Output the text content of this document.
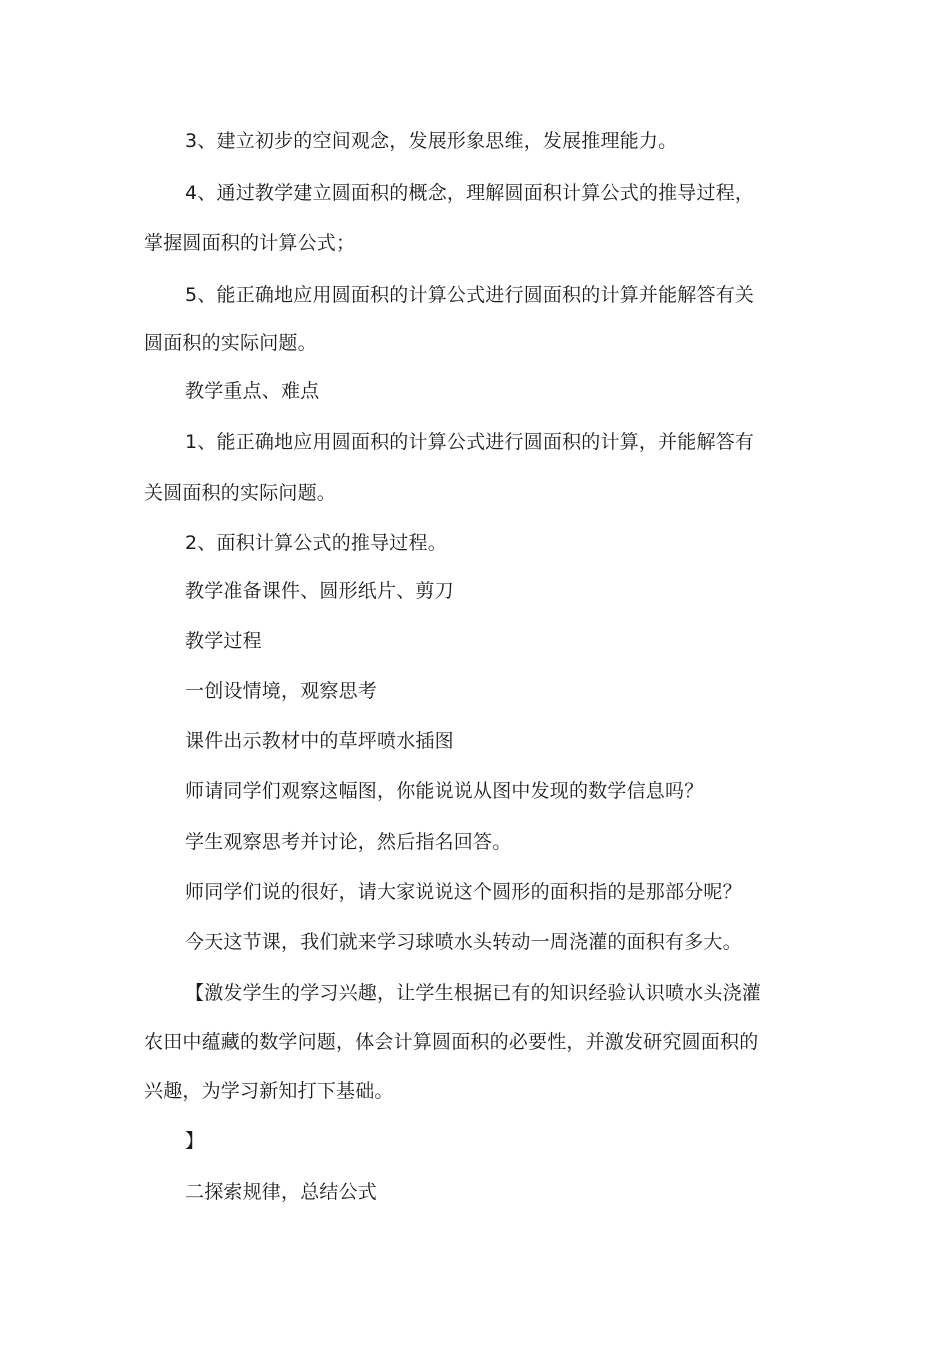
3、建立初步的空间观念，发展形象思维，发展推理能力。
4、通过教学建立圆面积的概念，理解圆面积计算公式的推导过程，
掌握圆面积的计算公式；
5、能正确地应用圆面积的计算公式进行圆面积的计算并能解答有关
圆面积的实际问题。
教学重点、难点
1、能正确地应用圆面积的计算公式进行圆面积的计算，并能解答有
关圆面积的实际问题。
2、面积计算公式的推导过程。
教学准备课件、圆形纸片、剪刀
教学过程
一创设情境，观察思考
课件出示教材中的草坪喷水插图
师请同学们观察这幅图，你能说说从图中发现的数学信息吗？
学生观察思考并讨论，然后指名回答。
师同学们说的很好，请大家说说这个圆形的面积指的是那部分呢？
今天这节课，我们就来学习球喷水头转动一周浇灌的面积有多大。
【激发学生的学习兴趣，让学生根据已有的知识经验认识喷水头浇灌
农田中蕴藏的数学问题，体会计算圆面积的必要性，并激发研究圆面积的
兴趣，为学习新知打下基础。
】
二探索规律，总结公式
